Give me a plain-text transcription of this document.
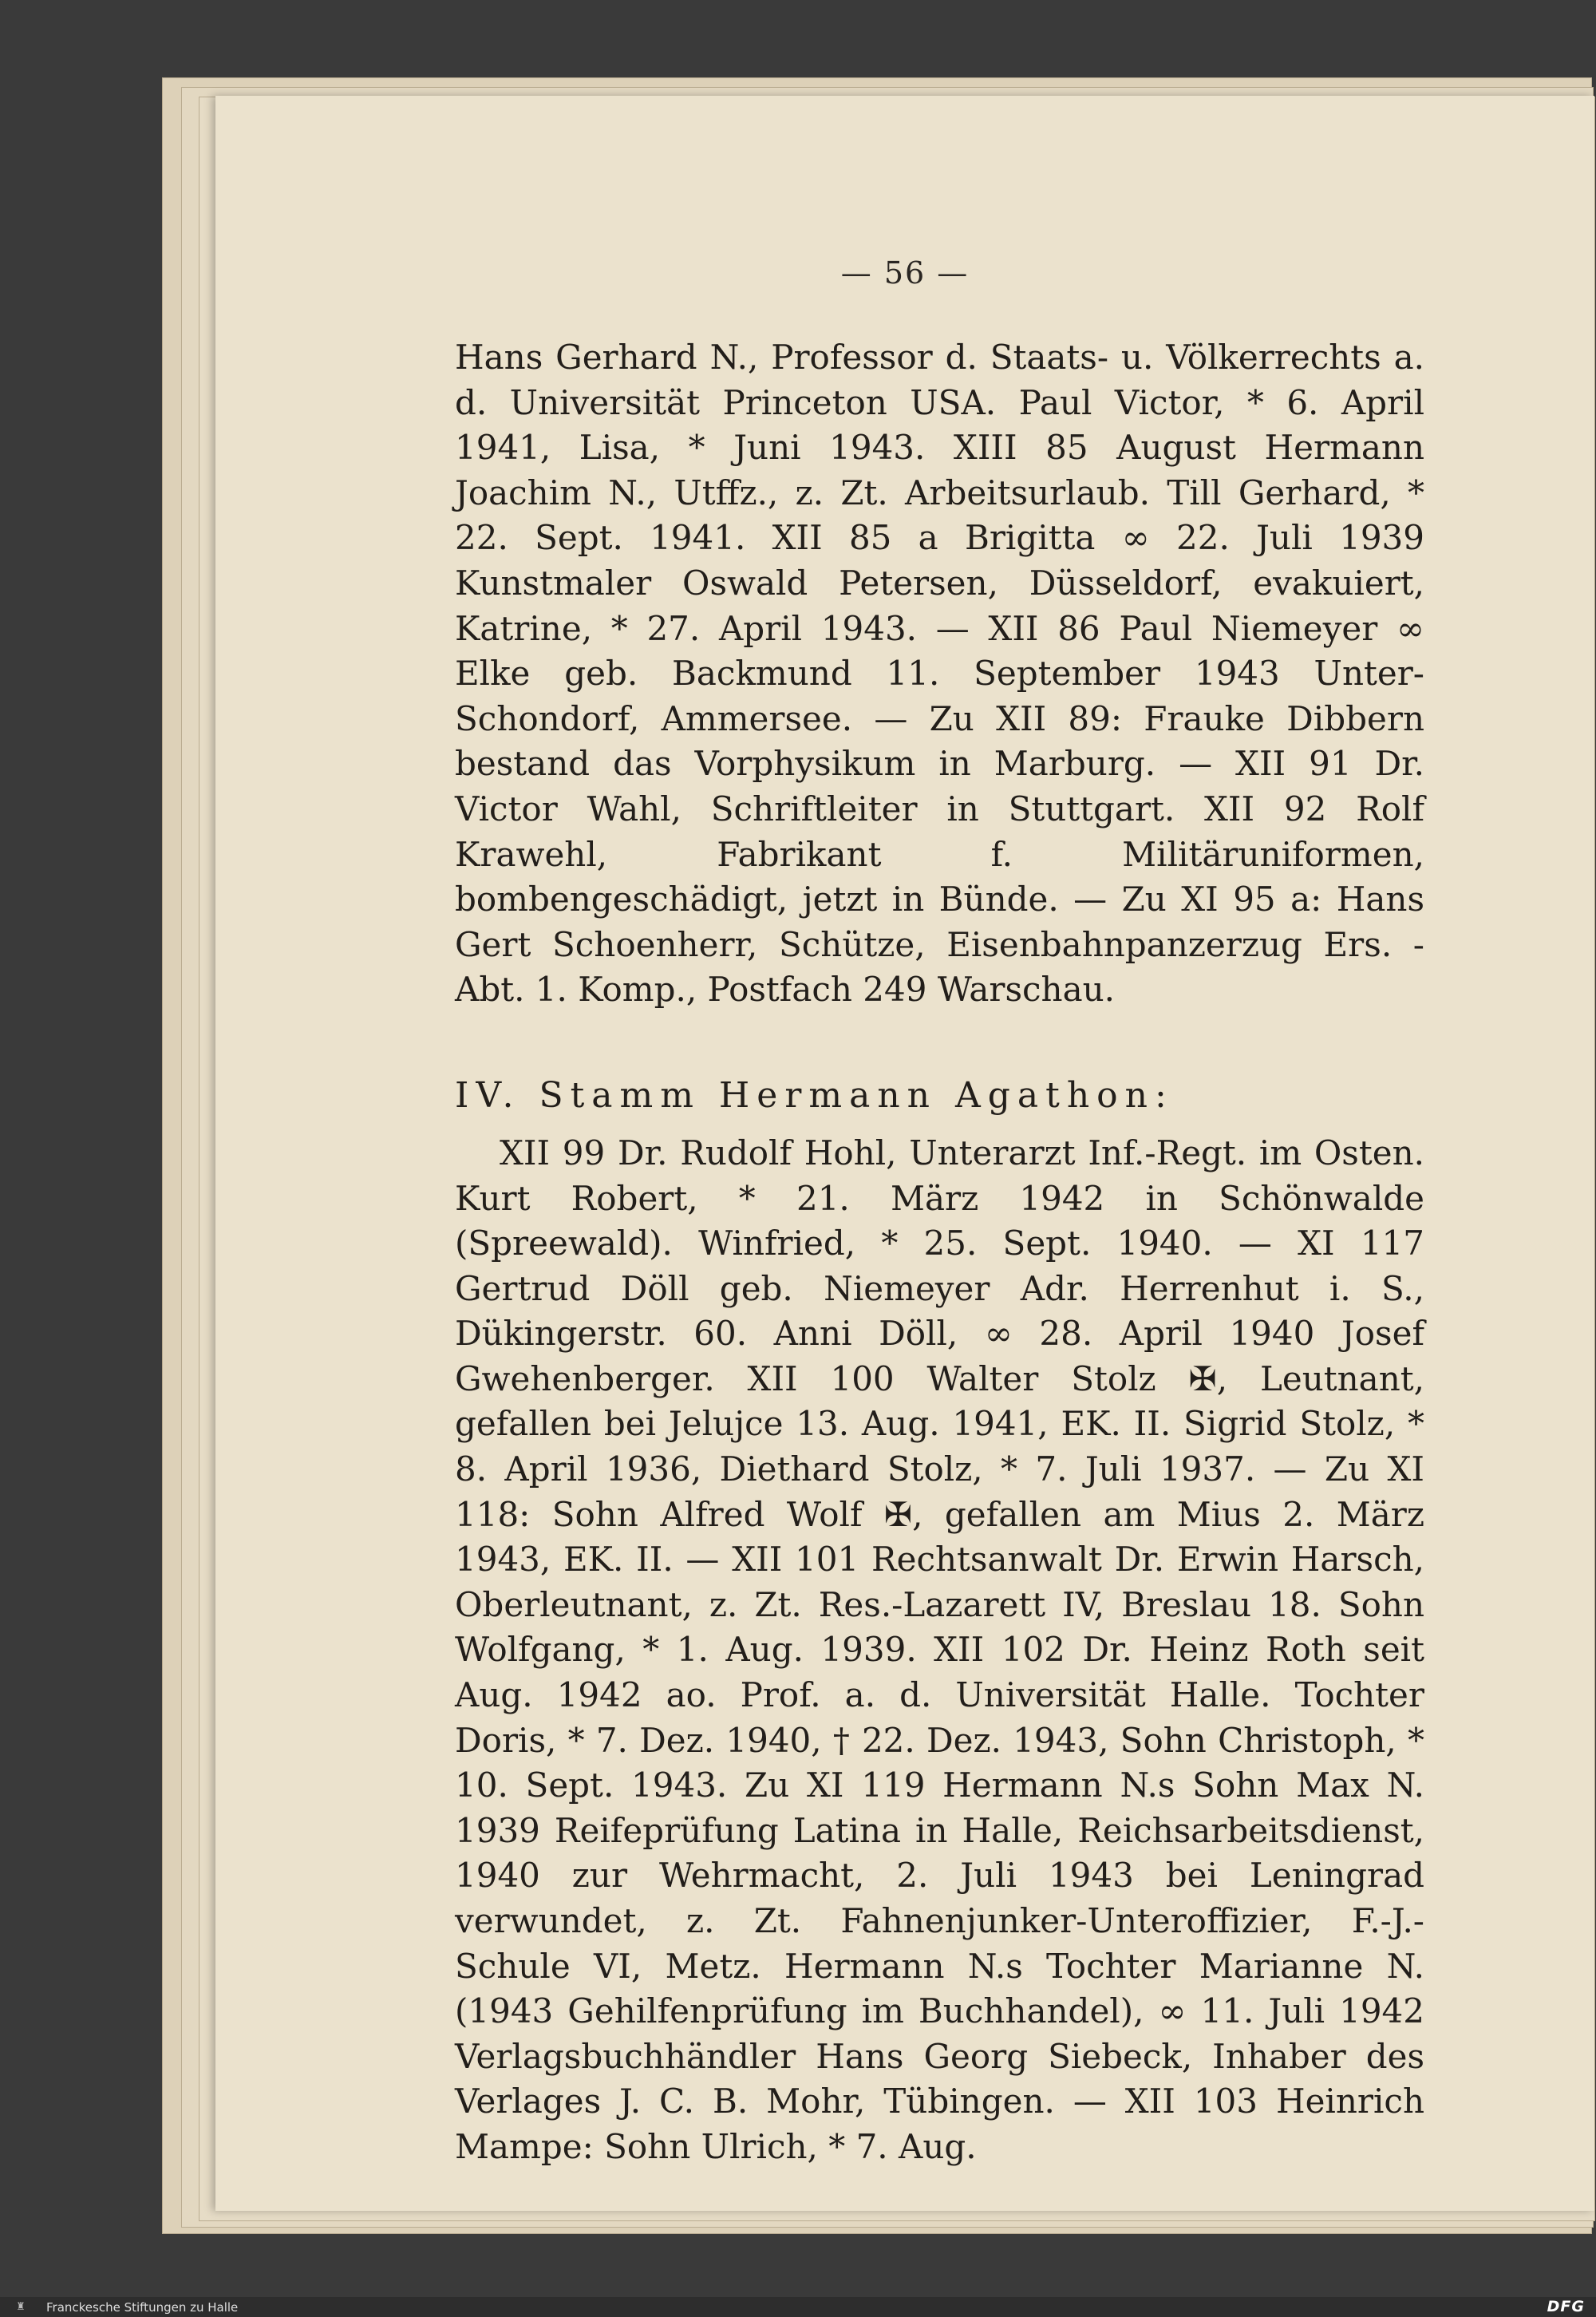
— 56 —

Hans Gerhard N., Professor d. Staats- u. Völkerrechts a. d. Universität Princeton USA. Paul Victor, * 6. April 1941, Lisa, * Juni 1943. XIII 85 August Hermann Joachim N., Utffz., z. Zt. Arbeitsurlaub. Till Gerhard, * 22. Sept. 1941. XII 85 a Brigitta ∞ 22. Juli 1939 Kunstmaler Oswald Petersen, Düsseldorf, evakuiert, Katrine, * 27. April 1943. — XII 86 Paul Niemeyer ∞ Elke geb. Backmund 11. September 1943 Unter-Schondorf, Ammersee. — Zu XII 89: Frauke Dibbern bestand das Vorphysikum in Marburg. — XII 91 Dr. Victor Wahl, Schriftleiter in Stuttgart. XII 92 Rolf Krawehl, Fabrikant f. Militäruniformen, bombengeschädigt, jetzt in Bünde. — Zu XI 95 a: Hans Gert Schoenherr, Schütze, Eisenbahnpanzerzug Ers. - Abt. 1. Komp., Postfach 249 Warschau.

IV. Stamm Hermann Agathon:

XII 99 Dr. Rudolf Hohl, Unterarzt Inf.-Regt. im Osten. Kurt Robert, * 21. März 1942 in Schönwalde (Spreewald). Winfried, * 25. Sept. 1940. — XI 117 Gertrud Döll geb. Niemeyer Adr. Herrenhut i. S., Dükingerstr. 60. Anni Döll, ∞ 28. April 1940 Josef Gwehenberger. XII 100 Walter Stolz ✠, Leutnant, gefallen bei Jelujce 13. Aug. 1941, EK. II. Sigrid Stolz, * 8. April 1936, Diethard Stolz, * 7. Juli 1937. — Zu XI 118: Sohn Alfred Wolf ✠, gefallen am Mius 2. März 1943, EK. II. — XII 101 Rechtsanwalt Dr. Erwin Harsch, Oberleutnant, z. Zt. Res.-Lazarett IV, Breslau 18. Sohn Wolfgang, * 1. Aug. 1939. XII 102 Dr. Heinz Roth seit Aug. 1942 ao. Prof. a. d. Universität Halle. Tochter Doris, * 7. Dez. 1940, † 22. Dez. 1943, Sohn Christoph, * 10. Sept. 1943. Zu XI 119 Hermann N.s Sohn Max N. 1939 Reifeprüfung Latina in Halle, Reichsarbeitsdienst, 1940 zur Wehrmacht, 2. Juli 1943 bei Leningrad verwundet, z. Zt. Fahnenjunker-Unteroffizier, F.-J.-Schule VI, Metz. Hermann N.s Tochter Marianne N. (1943 Gehilfenprüfung im Buchhandel), ∞ 11. Juli 1942 Verlagsbuchhändler Hans Georg Siebeck, Inhaber des Verlages J. C. B. Mohr, Tübingen. — XII 103 Heinrich Mampe: Sohn Ulrich, * 7. Aug.

♜	Franckesche Stiftungen zu Halle	DFG
